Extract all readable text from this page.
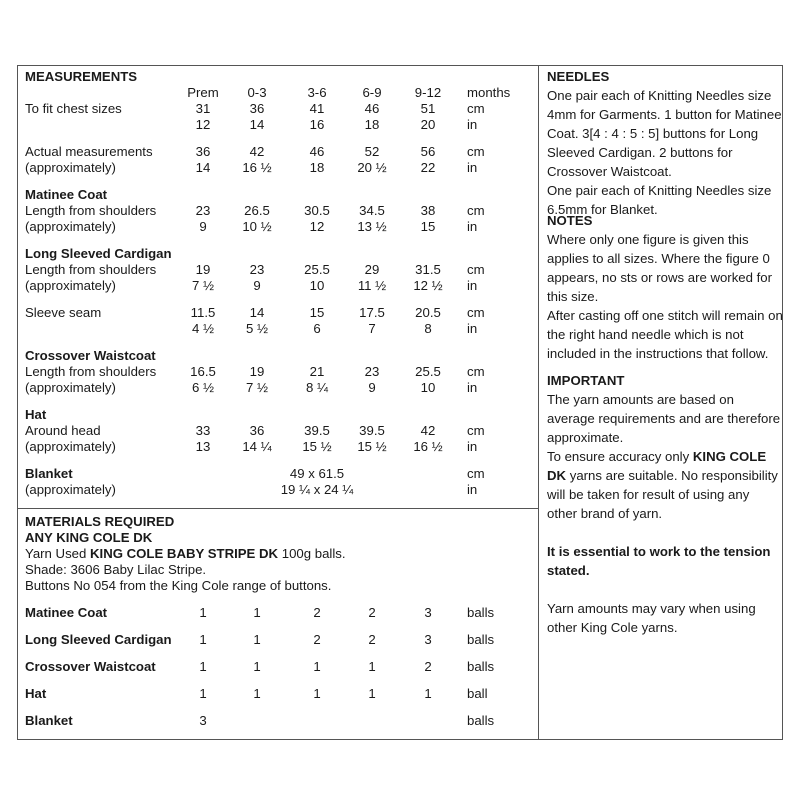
MEASUREMENTS
Prem	0-3	3-6	6-9	9-12	months
To fit chest sizes	31	36	41	46	51	cm
12	14	16	18	20	in
Actual measurements	36	42	46	52	56	cm
(approximately)	14	16 ½	18	20 ½	22	in
Matinee Coat
Length from shoulders	23	26.5	30.5	34.5	38	cm
(approximately)	9	10 ½	12	13 ½	15	in
Long Sleeved Cardigan
Length from shoulders	19	23	25.5	29	31.5	cm
(approximately)	7 ½	9	10	11 ½	12 ½	in
Sleeve seam	11.5	14	15	17.5	20.5	cm
4 ½	5 ½	6	7	8	in
Crossover Waistcoat
Length from shoulders	16.5	19	21	23	25.5	cm
(approximately)	6 ½	7 ½	8 ¼	9	10	in
Hat
Around head	33	36	39.5	39.5	42	cm
(approximately)	13	14 ¼	15 ½	15 ½	16 ½	in
Blanket	49 x 61.5	cm
(approximately)	19 ¼ x 24 ¼	in
MATERIALS REQUIRED
ANY KING COLE DK
Yarn Used KING COLE BABY STRIPE DK 100g balls.
Shade: 3606 Baby Lilac Stripe.
Buttons No 054 from the King Cole range of buttons.
Matinee Coat	1	1	2	2	3	balls
Long Sleeved Cardigan	1	1	2	2	3	balls
Crossover Waistcoat	1	1	1	1	2	balls
Hat	1	1	1	1	1	ball
Blanket	3	balls

NEEDLES

One pair each of Knitting Needles size 4mm for Garments. 1 button for Matinee Coat. 3[4 : 4 : 5 : 5] buttons for Long Sleeved Cardigan. 2 buttons for Crossover Waistcoat.

One pair each of Knitting Needles size 6.5mm for Blanket.

NOTES

Where only one figure is given this applies to all sizes. Where the figure 0 appears, no sts or rows are worked for this size.

After casting off one stitch will remain on the right hand needle which is not included in the instructions that follow.

IMPORTANT

The yarn amounts are based on average requirements and are therefore approximate.

To ensure accuracy only KING COLE DK yarns are suitable. No responsibility will be taken for result of using any other brand of yarn.

It is essential to work to the tension stated.

Yarn amounts may vary when using other King Cole yarns.
